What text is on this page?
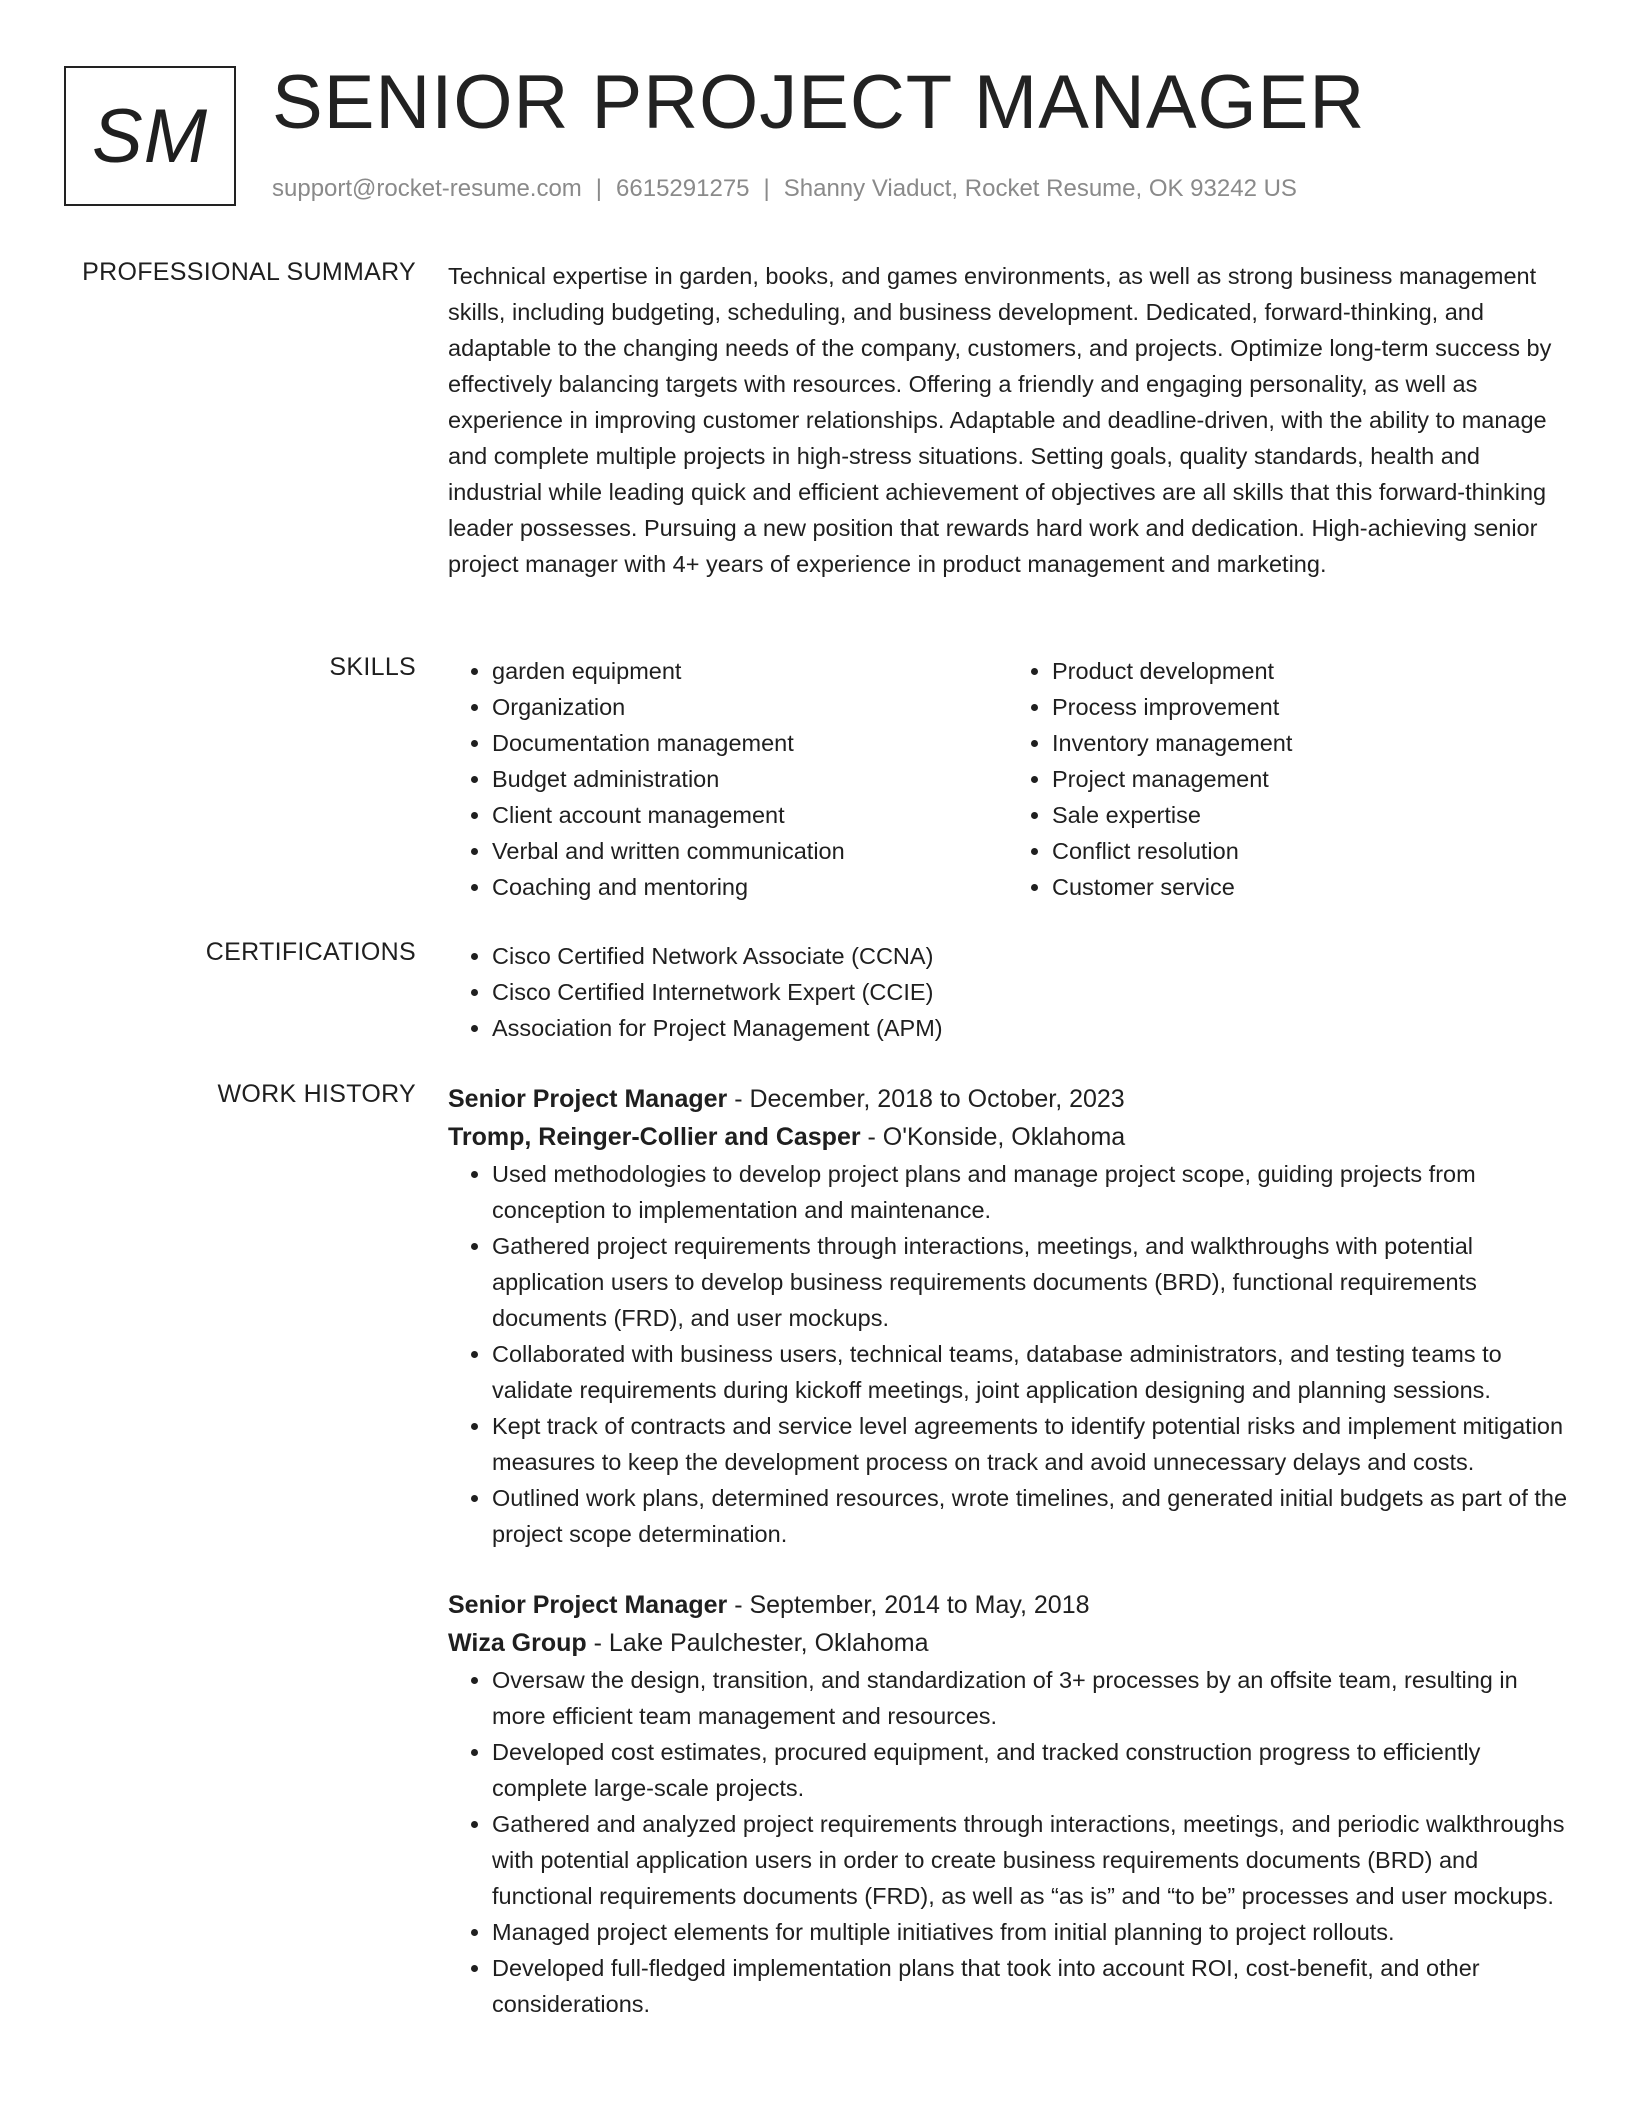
SM SENIOR PROJECT MANAGER
support@rocket-resume.com | 6615291275 | Shanny Viaduct, Rocket Resume, OK 93242 US
PROFESSIONAL SUMMARY Technical expertise in garden, books, and games environments, as well as strong business management skills, including budgeting, scheduling, and business development. Dedicated, forward-thinking, and adaptable to the changing needs of the company, customers, and projects. Optimize long-term success by effectively balancing targets with resources. Offering a friendly and engaging personality, as well as experience in improving customer relationships. Adaptable and deadline-driven, with the ability to manage and complete multiple projects in high-stress situations. Setting goals, quality standards, health and industrial while leading quick and efficient achievement of objectives are all skills that this forward-thinking leader possesses. Pursuing a new position that rewards hard work and dedication. High-achieving senior project manager with 4+ years of experience in product management and marketing.

SKILLS	• garden equipment
• Organization
• Documentation management
• Budget administration
• Client account management
• Verbal and written communication
• Coaching and mentoring
• Product development
• Process improvement
• Inventory management
• Project management
• Sale expertise
• Conflict resolution
• Customer service
CERTIFICATIONS	• Cisco Certified Network Associate (CCNA)
• Cisco Certified Internetwork Expert (CCIE)
• Association for Project Management (APM)
WORK HISTORY Senior Project Manager - December, 2018 to October, 2023
Tromp, Reinger-Collier and Casper - O'Konside, Oklahoma
• Used methodologies to develop project plans and manage project scope, guiding projects from conception to implementation and maintenance.
• Gathered project requirements through interactions, meetings, and walkthroughs with potential application users to develop business requirements documents (BRD), functional requirements documents (FRD), and user mockups.
• Collaborated with business users, technical teams, database administrators, and testing teams to validate requirements during kickoff meetings, joint application designing and planning sessions.
• Kept track of contracts and service level agreements to identify potential risks and implement mitigation measures to keep the development process on track and avoid unnecessary delays and costs.
• Outlined work plans, determined resources, wrote timelines, and generated initial budgets as part of the project scope determination.
Senior Project Manager - September, 2014 to May, 2018
Wiza Group - Lake Paulchester, Oklahoma
• Oversaw the design, transition, and standardization of 3+ processes by an offsite team, resulting in more efficient team management and resources.
• Developed cost estimates, procured equipment, and tracked construction progress to efficiently complete large-scale projects.
• Gathered and analyzed project requirements through interactions, meetings, and periodic walkthroughs with potential application users in order to create business requirements documents (BRD) and functional requirements documents (FRD), as well as “as is” and “to be” processes and user mockups.
• Managed project elements for multiple initiatives from initial planning to project rollouts.
• Developed full-fledged implementation plans that took into account ROI, cost-benefit, and other considerations.
